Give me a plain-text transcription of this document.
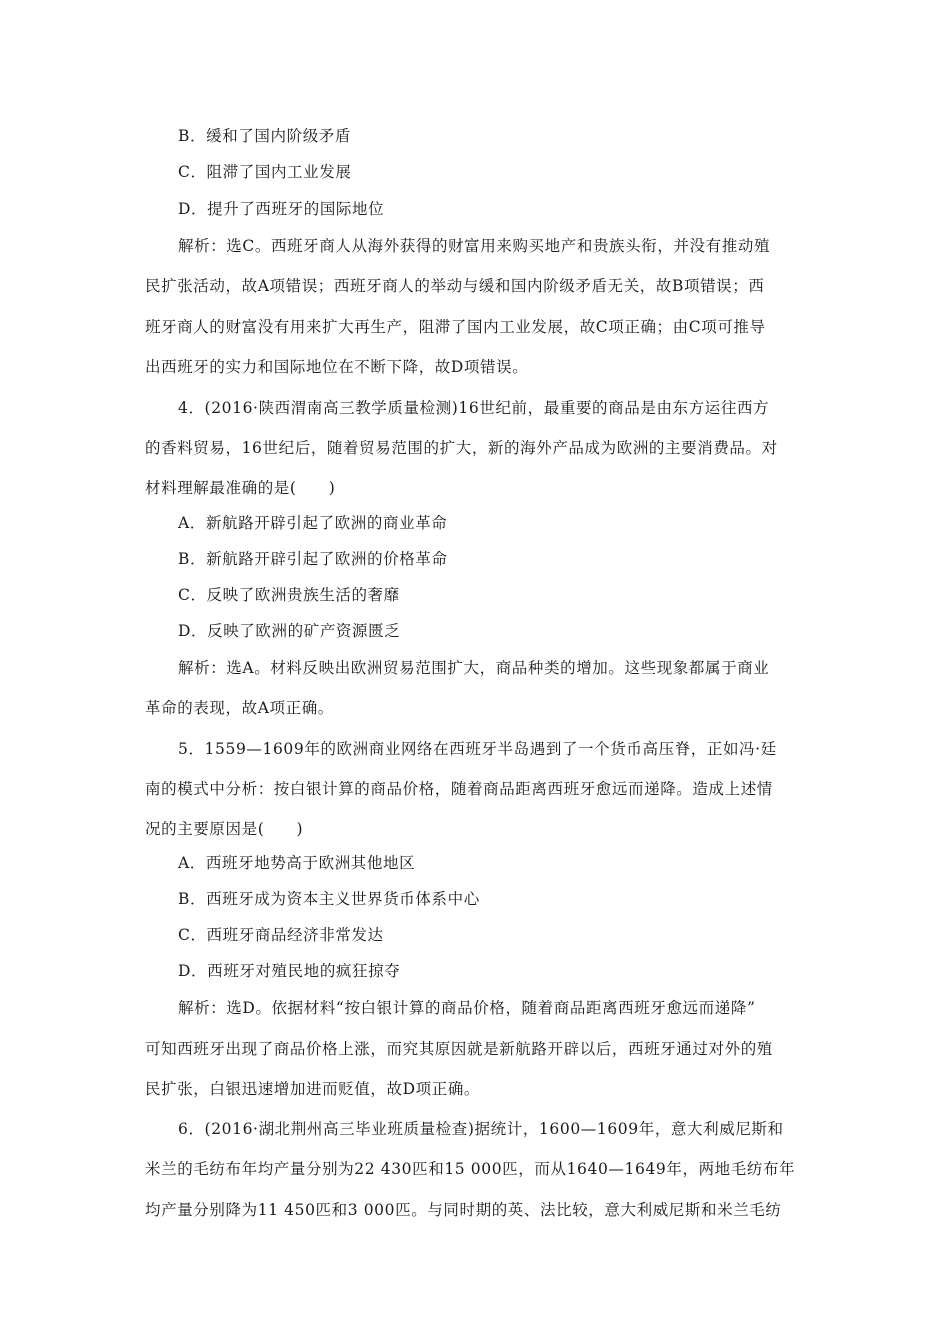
B．缓和了国内阶级矛盾
C．阻滞了国内工业发展
D．提升了西班牙的国际地位
解析：选C。西班牙商人从海外获得的财富用来购买地产和贵族头衔，并没有推动殖
民扩张活动，故A项错误；西班牙商人的举动与缓和国内阶级矛盾无关，故B项错误；西
班牙商人的财富没有用来扩大再生产，阻滞了国内工业发展，故C项正确；由C项可推导
出西班牙的实力和国际地位在不断下降，故D项错误。
4．(2016·陕西渭南高三教学质量检测)16世纪前，最重要的商品是由东方运往西方
的香料贸易，16世纪后，随着贸易范围的扩大，新的海外产品成为欧洲的主要消费品。对
材料理解最准确的是(　　)
A．新航路开辟引起了欧洲的商业革命
B．新航路开辟引起了欧洲的价格革命
C．反映了欧洲贵族生活的奢靡
D．反映了欧洲的矿产资源匮乏
解析：选A。材料反映出欧洲贸易范围扩大，商品种类的增加。这些现象都属于商业
革命的表现，故A项正确。
5．1559—1609年的欧洲商业网络在西班牙半岛遇到了一个货币高压脊，正如冯·廷
南的模式中分析：按白银计算的商品价格，随着商品距离西班牙愈远而递降。造成上述情
况的主要原因是(　　)
A．西班牙地势高于欧洲其他地区
B．西班牙成为资本主义世界货币体系中心
C．西班牙商品经济非常发达
D．西班牙对殖民地的疯狂掠夺
解析：选D。依据材料“按白银计算的商品价格，随着商品距离西班牙愈远而递降”
可知西班牙出现了商品价格上涨，而究其原因就是新航路开辟以后，西班牙通过对外的殖
民扩张，白银迅速增加进而贬值，故D项正确。
6．(2016·湖北荆州高三毕业班质量检查)据统计，1600—1609年，意大利威尼斯和
米兰的毛纺布年均产量分别为22 430匹和15 000匹，而从1640—1649年，两地毛纺布年
均产量分别降为11 450匹和3 000匹。与同时期的英、法比较，意大利威尼斯和米兰毛纺
